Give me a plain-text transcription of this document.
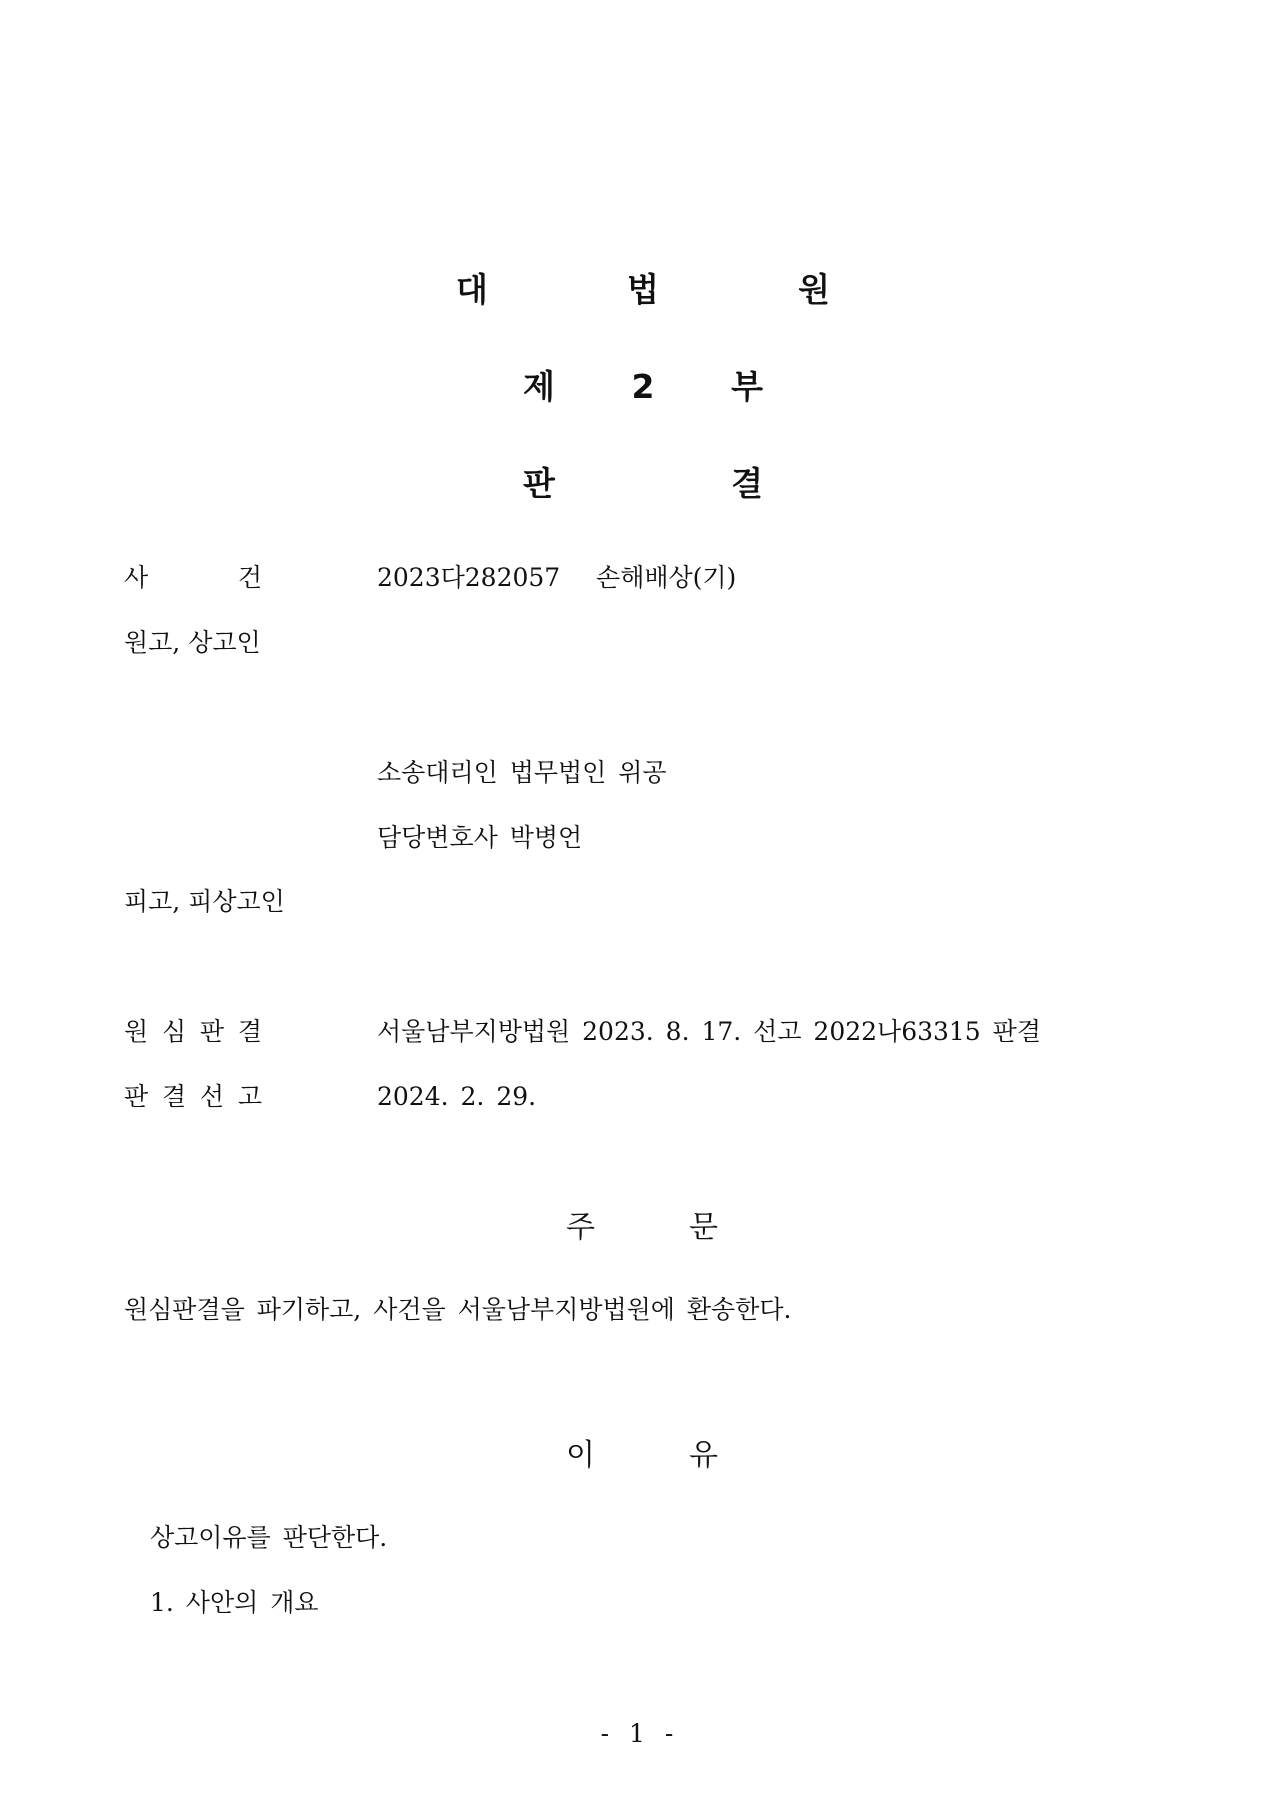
대	법	원
제 2 부
판	결
사	건	2023다282057   손해배상(기)
원고, 상고인
소송대리인 법무법인 위공
담당변호사 박병언
피고, 피상고인
원 심 판 결	서울남부지방법원 2023. 8. 17. 선고 2022나63315 판결
판 결 선 고	2024. 2. 29.
주	문
원심판결을 파기하고, 사건을 서울남부지방법원에 환송한다.
이	유
상고이유를 판단한다.
1. 사안의 개요
- 1 -
